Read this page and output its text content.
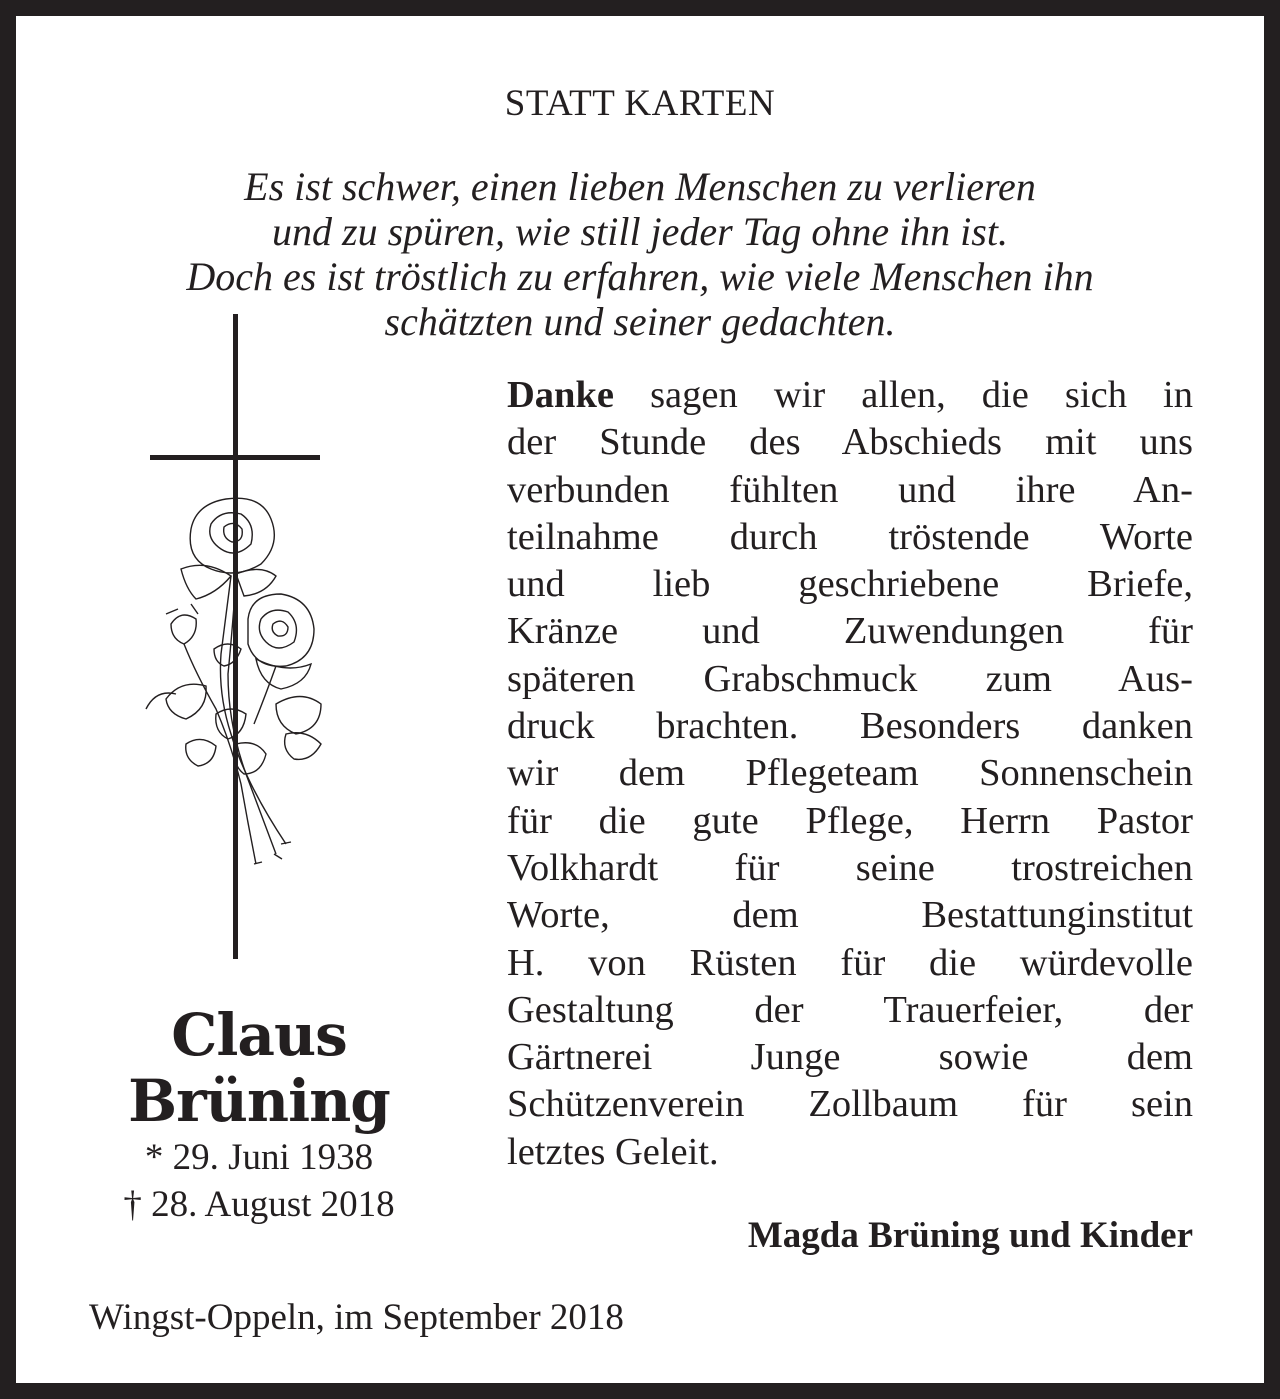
STATT KARTEN
Es ist schwer, einen lieben Menschen zu verlieren
und zu spüren, wie still jeder Tag ohne ihn ist.
Doch es ist tröstlich zu erfahren, wie viele Menschen ihn
schätzten und seiner gedachten.
Danke sagen wir allen, die sich in
der Stunde des Abschieds mit uns
verbunden fühlten und ihre An-
teilnahme durch tröstende Worte
und lieb geschriebene Briefe,
Kränze und Zuwendungen für
späteren Grabschmuck zum Aus-
druck brachten. Besonders danken
wir dem Pflegeteam Sonnenschein
für die gute Pflege, Herrn Pastor
Volkhardt für seine trostreichen
Worte, dem Bestattunginstitut
H. von Rüsten für die würdevolle
Gestaltung der Trauerfeier, der
Gärtnerei Junge sowie dem
Schützenverein Zollbaum für sein
letztes Geleit.
Magda Brüning und Kinder
Claus
Brüning
* 29. Juni 1938
† 28. August 2018
Wingst-Oppeln, im September 2018
